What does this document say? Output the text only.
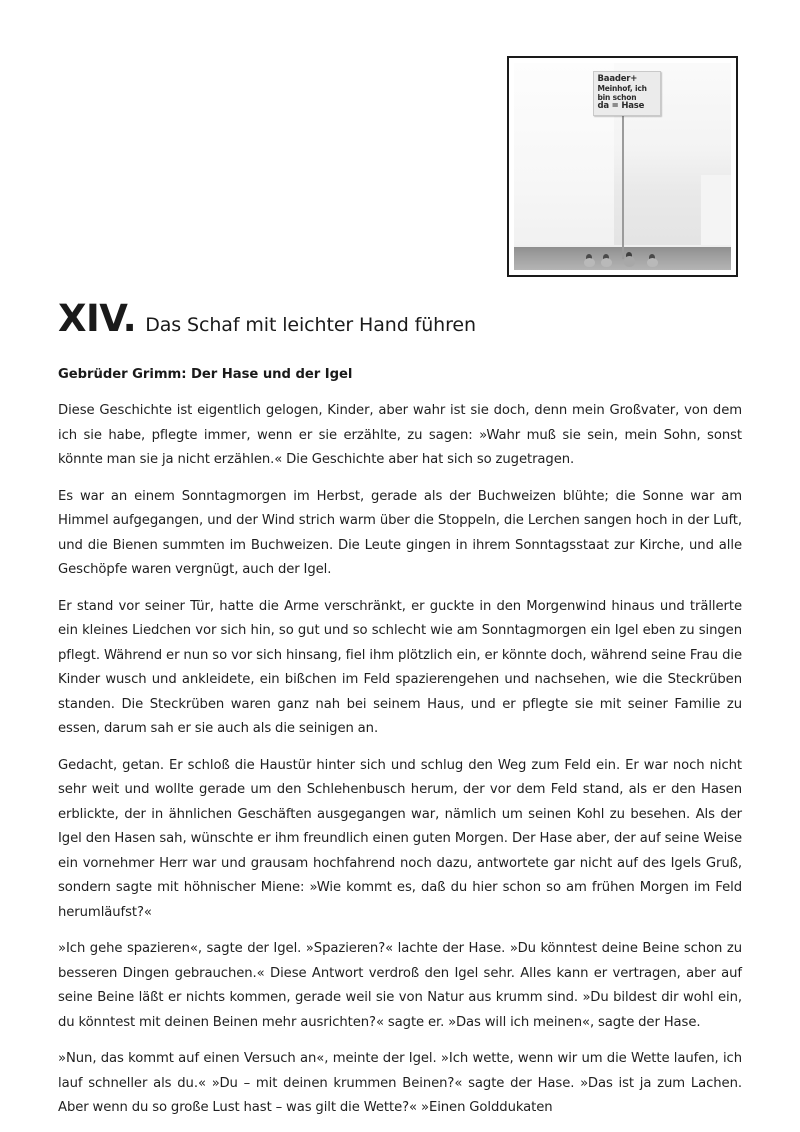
Baader+
Meinhof, ich
bin schon
da = Hase
XIV. Das Schaf mit leichter Hand führen
Gebrüder Grimm: Der Hase und der Igel

Diese Geschichte ist eigentlich gelogen, Kinder, aber wahr ist sie doch, denn mein Großvater, von dem ich sie habe, pflegte immer, wenn er sie erzählte, zu sagen: »Wahr muß sie sein, mein Sohn, sonst könnte man sie ja nicht erzählen.« Die Geschichte aber hat sich so zugetragen.

Es war an einem Sonntagmorgen im Herbst, gerade als der Buchweizen blühte; die Sonne war am Himmel aufgegangen, und der Wind strich warm über die Stoppeln, die Lerchen sangen hoch in der Luft, und die Bienen summten im Buchweizen. Die Leute gingen in ihrem Sonntagsstaat zur Kirche, und alle Geschöpfe waren vergnügt, auch der Igel.

Er stand vor seiner Tür, hatte die Arme verschränkt, er guckte in den Morgenwind hinaus und trällerte ein kleines Liedchen vor sich hin, so gut und so schlecht wie am Sonntagmorgen ein Igel eben zu singen pflegt. Während er nun so vor sich hinsang, fiel ihm plötzlich ein, er könnte doch, während seine Frau die Kinder wusch und ankleidete, ein bißchen im Feld spazierengehen und nachsehen, wie die Steckrüben standen. Die Steckrüben waren ganz nah bei seinem Haus, und er pflegte sie mit seiner Familie zu essen, darum sah er sie auch als die seinigen an.

Gedacht, getan. Er schloß die Haustür hinter sich und schlug den Weg zum Feld ein. Er war noch nicht sehr weit und wollte gerade um den Schlehenbusch herum, der vor dem Feld stand, als er den Hasen erblickte, der in ähnlichen Geschäften ausgegangen war, nämlich um seinen Kohl zu besehen. Als der Igel den Hasen sah, wünschte er ihm freundlich einen guten Morgen. Der Hase aber, der auf seine Weise ein vornehmer Herr war und grausam hochfahrend noch dazu, antwortete gar nicht auf des Igels Gruß, sondern sagte mit höhnischer Miene: »Wie kommt es, daß du hier schon so am frühen Morgen im Feld herumläufst?«

»Ich gehe spazieren«, sagte der Igel. »Spazieren?« lachte der Hase. »Du könntest deine Beine schon zu besseren Dingen gebrauchen.« Diese Antwort verdroß den Igel sehr. Alles kann er vertragen, aber auf seine Beine läßt er nichts kommen, gerade weil sie von Natur aus krumm sind. »Du bildest dir wohl ein, du könntest mit deinen Beinen mehr ausrichten?« sagte er. »Das will ich meinen«, sagte der Hase.

»Nun, das kommt auf einen Versuch an«, meinte der Igel. »Ich wette, wenn wir um die Wette laufen, ich lauf schneller als du.« »Du – mit deinen krummen Beinen?« sagte der Hase. »Das ist ja zum Lachen. Aber wenn du so große Lust hast – was gilt die Wette?« »Einen Golddukaten
